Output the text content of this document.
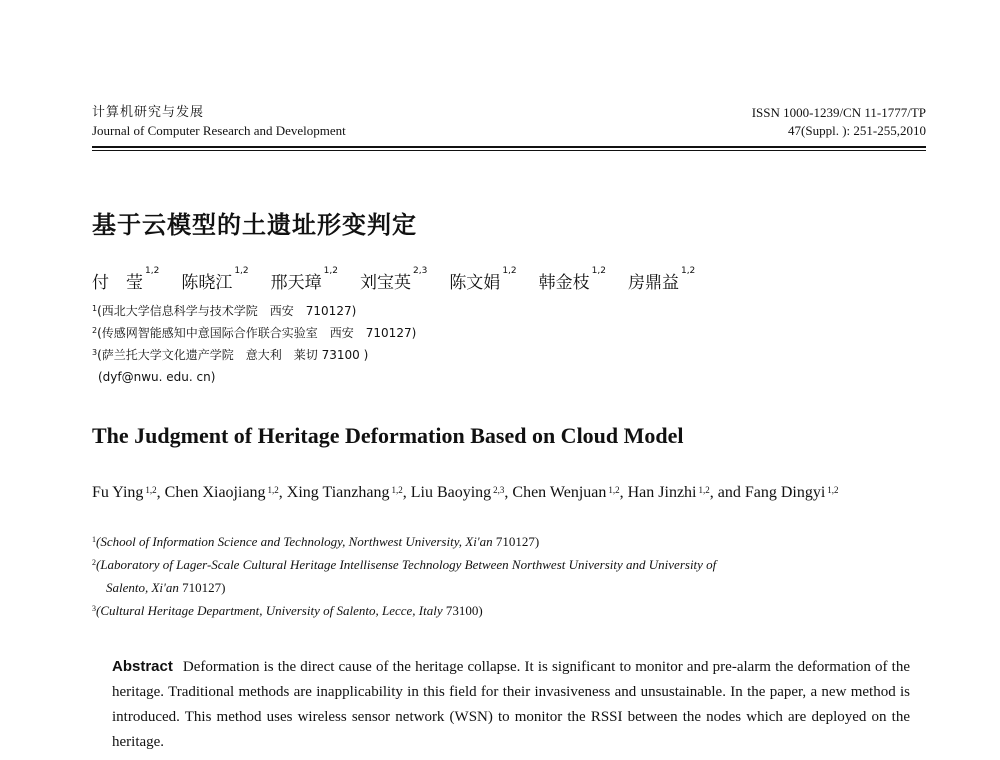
计算机研究与发展
Journal of Computer Research and Development
ISSN 1000-1239/CN 11-1777/TP
47(Suppl. ): 251-255,2010
基于云模型的土遗址形变判定
付　莹$^{1,2}$陈晓江$^{1,2}$邢天璋$^{1,2}$刘宝英$^{2,3}$陈文娟$^{1,2}$韩金枝$^{1,2}$房鼎益$^{1,2}$
$^1$(西北大学信息科学与技术学院　西安　710127)
$^2$(传感网智能感知中意国际合作联合实验室　西安　710127)
$^3$(萨兰托大学文化遗产学院　意大利　莱切 73100 )
(dyf@nwu. edu. cn)
The Judgment of Heritage Deformation Based on Cloud Model
Fu Ying $^{1,2}$, Chen Xiaojiang $^{1,2}$, Xing Tianzhang $^{1,2}$, Liu Baoying $^{2,3}$, Chen Wenjuan $^{1,2}$, Han Jinzhi $^{1,2}$, and Fang Dingyi $^{1,2}$
$^1$(School of Information Science and Technology, Northwest University, Xi'an 710127)
$^2$(Laboratory of Lager-Scale Cultural Heritage Intellisense Technology Between Northwest University and University of
Salento, Xi'an 710127)
$^3$(Cultural Heritage Department, University of Salento, Lecce, Italy 73100)
Abstract Deformation is the direct cause of the heritage collapse. It is significant to monitor and pre-alarm the deformation of the heritage. Traditional methods are inapplicability in this field for their invasiveness and unsustainable. In the paper, a new method is introduced. This method uses wireless sensor network (WSN) to monitor the RSSI between the nodes which are deployed on the heritage.
